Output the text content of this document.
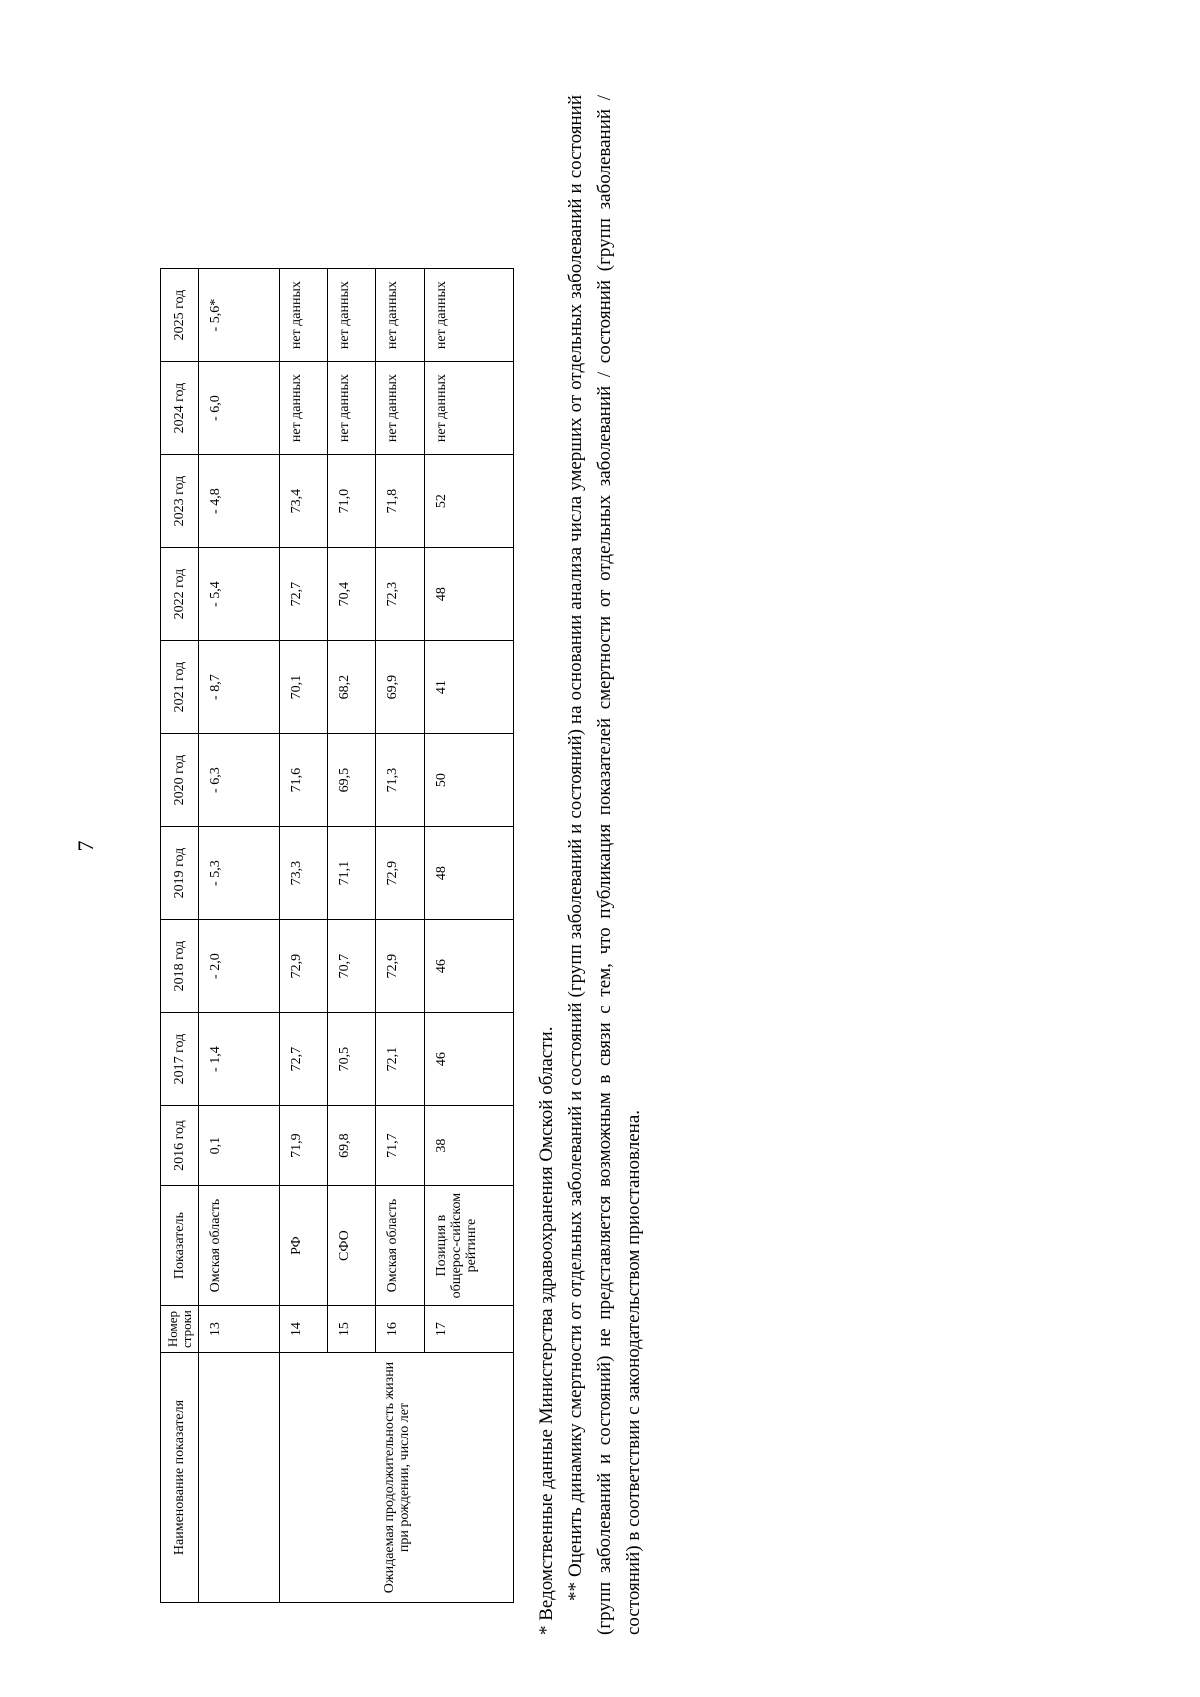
7
Наименование показателя	Номер строки	Показатель	2016 год	2017 год	2018 год	2019 год	2020 год	2021 год	2022 год	2023 год	2024 год	2025 год
	13	Омская область	0,1	- 1,4	- 2,0	- 5,3	- 6,3	- 8,7	- 5,4	- 4,8	- 6,0	- 5,6*
Ожидаемая продолжительность жизни при рождении, число лет	14	РФ	71,9	72,7	72,9	73,3	71,6	70,1	72,7	73,4	нет данных	нет данных
	15	СФО	69,8	70,5	70,7	71,1	69,5	68,2	70,4	71,0	нет данных	нет данных
	16	Омская область	71,7	72,1	72,9	72,9	71,3	69,9	72,3	71,8	нет данных	нет данных
	17	Позиция в общерос-сийском рейтинге	38	46	46	48	50	41	48	52	нет данных	нет данных

* Ведомственные данные Министерства здравоохранения Омской области. ** Оценить динамику смертности от отдельных заболеваний и состояний (групп заболеваний и состояний) на основании анализа числа умерших от отдельных заболеваний и состояний (групп заболеваний и состояний) не представляется возможным в связи с тем, что публикация показателей смертности от отдельных заболеваний / состояний (групп заболеваний / состояний) в соответствии с законодательством приостановлена.
